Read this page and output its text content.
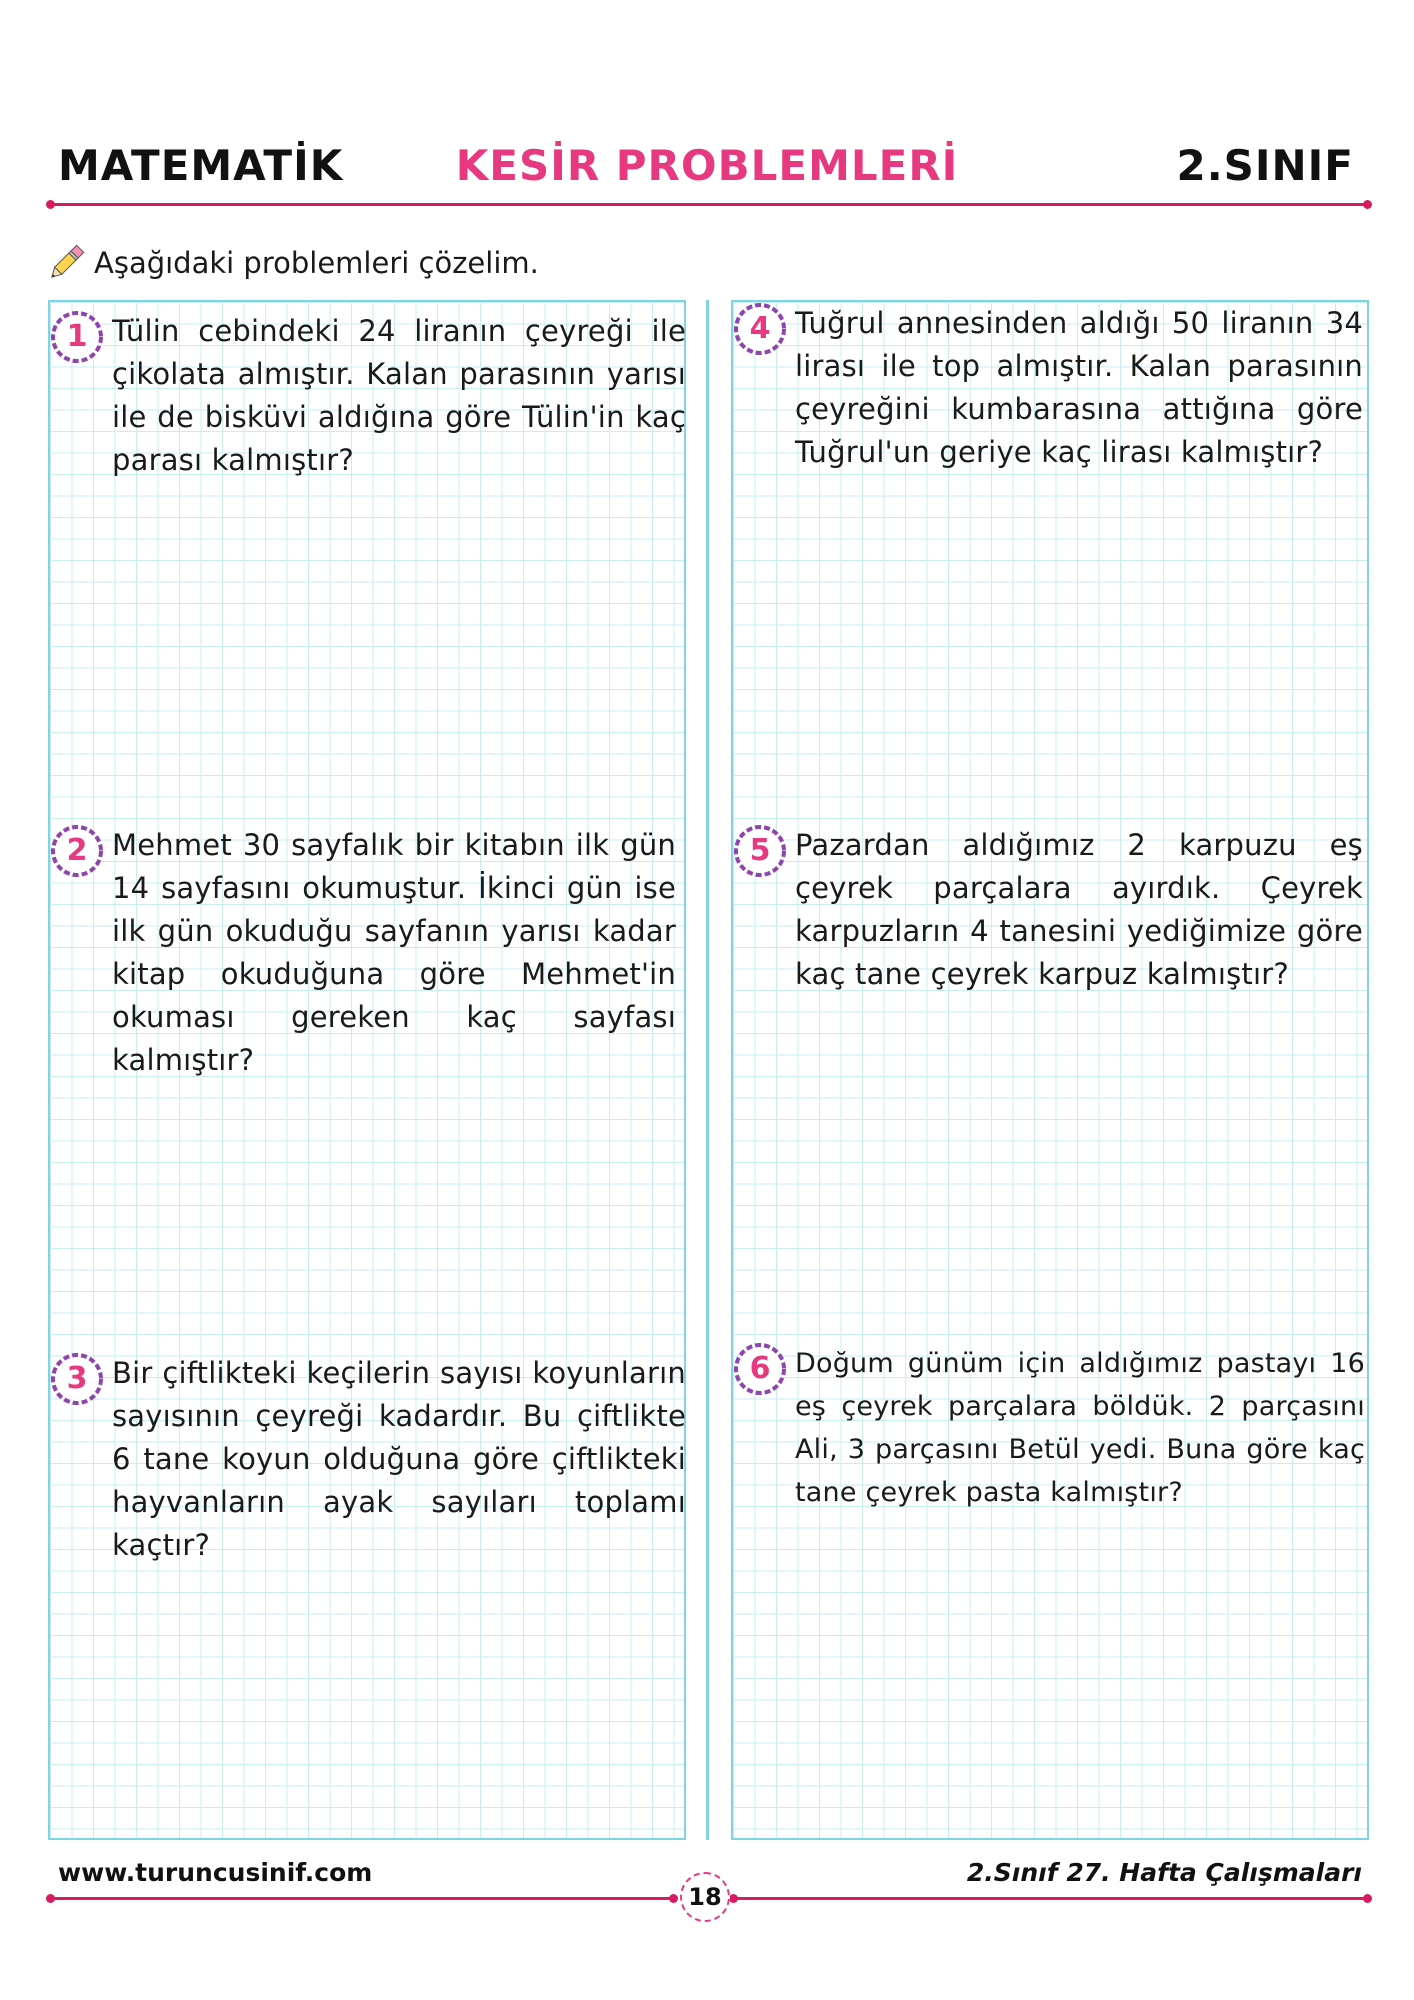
MATEMATİK	KESİR PROBLEMLERİ	2.SINIF
Aşağıdaki problemleri çözelim.
1 Tülin cebindeki 24 liranın çeyreği ile çikolata almıştır. Kalan parasının yarısı ile de bisküvi aldığına göre Tülin'in kaç parası kalmıştır?
2 Mehmet 30 sayfalık bir kitabın ilk gün 14 sayfasını okumuştur. İkinci gün ise ilk gün okuduğu sayfanın yarısı kadar kitap okuduğuna göre Mehmet'in okuması gereken kaç sayfası kalmıştır?
3 Bir çiftlikteki keçilerin sayısı koyunların sayısının çeyreği kadardır. Bu çiftlikte 6 tane koyun olduğuna göre çiftlikteki hayvanların ayak sayıları toplamı kaçtır?
4 Tuğrul annesinden aldığı 50 liranın 34 lirası ile top almıştır. Kalan parasının çeyreğini kumbarasına attığına göre Tuğrul'un geriye kaç lirası kalmıştır?
5 Pazardan aldığımız 2 karpuzu eş çeyrek parçalara ayırdık. Çeyrek karpuzların 4 tanesini yediğimize göre kaç tane çeyrek karpuz kalmıştır?
6 Doğum günüm için aldığımız pastayı 16 eş çeyrek parçalara böldük. 2 parçasını Ali, 3 parçasını Betül yedi. Buna göre kaç tane çeyrek pasta kalmıştır?
www.turuncusinif.com	2.Sınıf 27. Hafta Çalışmaları
18
